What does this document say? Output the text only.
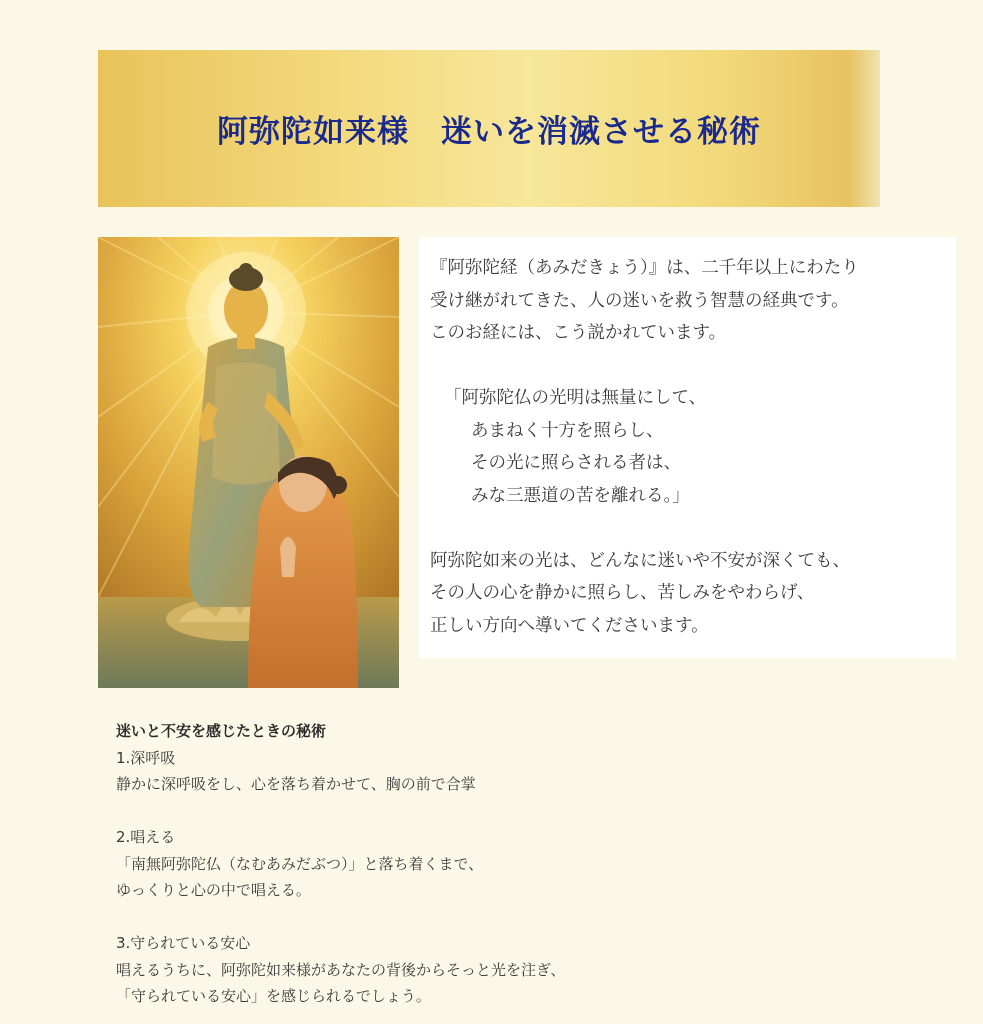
阿弥陀如来様　迷いを消滅させる秘術

『阿弥陀経（あみだきょう）』は、二千年以上にわたり

受け継がれてきた、人の迷いを救う智慧の経典です。

このお経には、こう説かれています。

「阿弥陀仏の光明は無量にして、

あまねく十方を照らし、

その光に照らされる者は、

みな三悪道の苦を離れる。」

阿弥陀如来の光は、どんなに迷いや不安が深くても、

その人の心を静かに照らし、苦しみをやわらげ、

正しい方向へ導いてくださいます。

迷いと不安を感じたときの秘術

1.深呼吸

静かに深呼吸をし、心を落ち着かせて、胸の前で合掌

2.唱える

「南無阿弥陀仏（なむあみだぶつ）」と落ち着くまで、

ゆっくりと心の中で唱える。

3.守られている安心

唱えるうちに、阿弥陀如来様があなたの背後からそっと光を注ぎ、

「守られている安心」を感じられるでしょう。
